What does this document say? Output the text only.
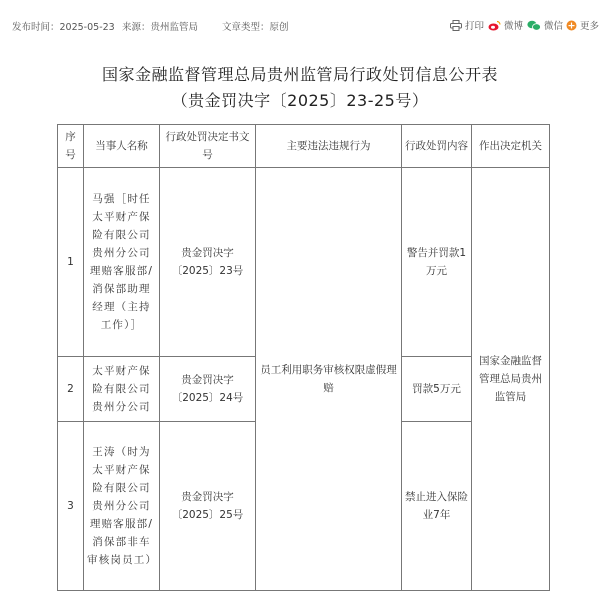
发布时间：2025-05-23 来源：贵州监管局	文章类型：原创	打印 微博 微信 更多
国家金融监督管理总局贵州监管局行政处罚信息公开表
（贵金罚决字〔2025〕23-25号）
序号	当事人名称	行政处罚决定书文号	主要违法违规行为	行政处罚内容	作出决定机关
1	马强［时任太平财产保险有限公司贵州分公司理赔客服部/消保部助理经理（主持工作）］	贵金罚决字〔2025〕23号	员工利用职务审核权限虚假理赔	警告并罚款1万元	国家金融监督管理总局贵州监管局
2	太平财产保险有限公司贵州分公司	贵金罚决字〔2025〕24号		罚款5万元	
3	王涛（时为太平财产保险有限公司贵州分公司理赔客服部/消保部非车审核岗员工）	贵金罚决字〔2025〕25号		禁止进入保险业7年	
